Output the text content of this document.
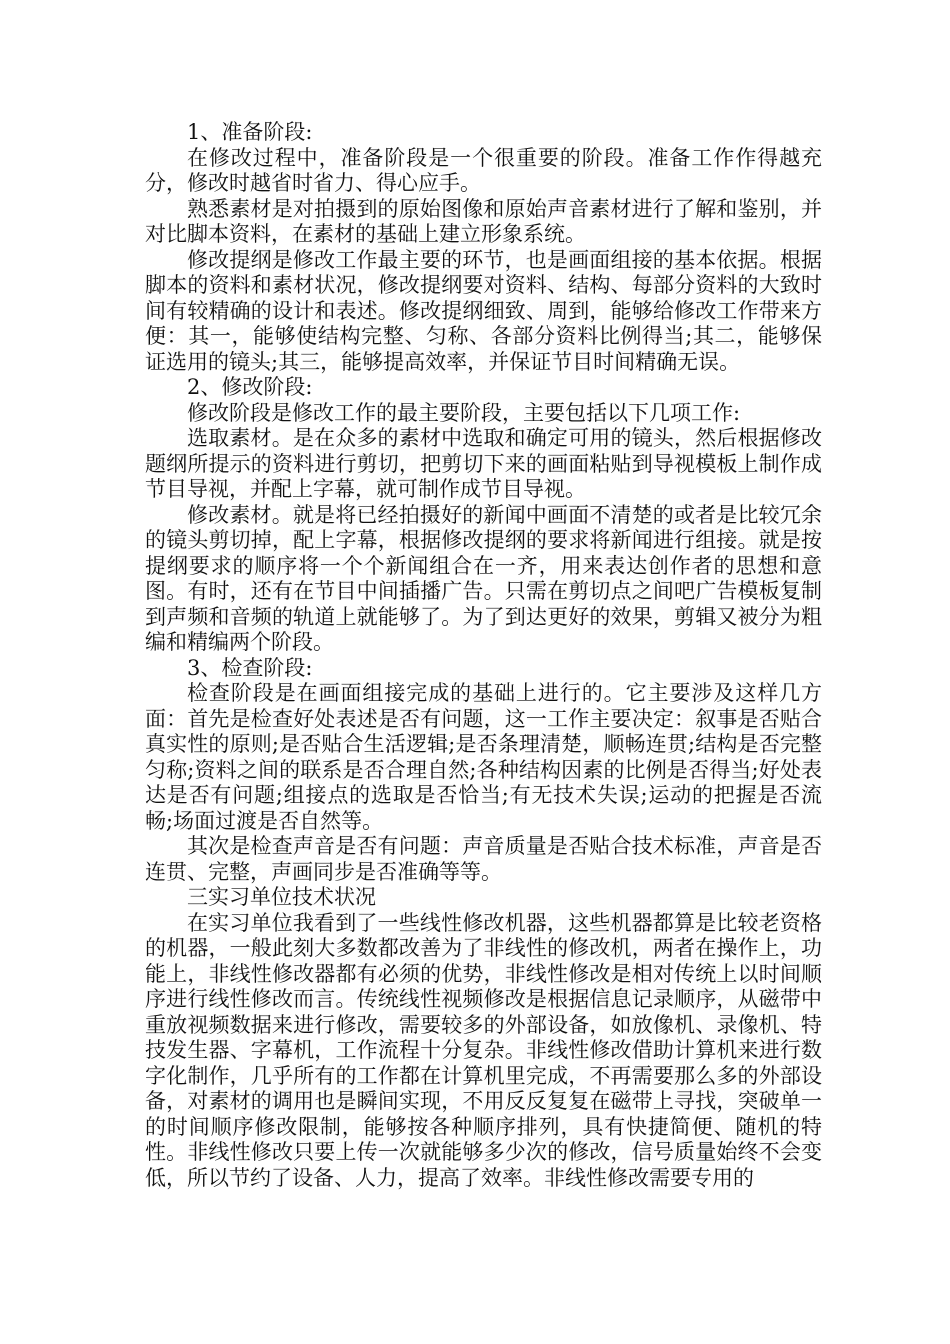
1、准备阶段:

在修改过程中，准备阶段是一个很重要的阶段。准备工作作得越充分，修改时越省时省力、得心应手。

熟悉素材是对拍摄到的原始图像和原始声音素材进行了解和鉴别，并对比脚本资料，在素材的基础上建立形象系统。

修改提纲是修改工作最主要的环节，也是画面组接的基本依据。根据脚本的资料和素材状况，修改提纲要对资料、结构、每部分资料的大致时间有较精确的设计和表述。修改提纲细致、周到，能够给修改工作带来方便：其一，能够使结构完整、匀称、各部分资料比例得当;其二，能够保证选用的镜头;其三，能够提高效率，并保证节目时间精确无误。

2、修改阶段:

修改阶段是修改工作的最主要阶段，主要包括以下几项工作:

选取素材。是在众多的素材中选取和确定可用的镜头，然后根据修改题纲所提示的资料进行剪切，把剪切下来的画面粘贴到导视模板上制作成节目导视，并配上字幕，就可制作成节目导视。

修改素材。就是将已经拍摄好的新闻中画面不清楚的或者是比较冗余的镜头剪切掉，配上字幕，根据修改提纲的要求将新闻进行组接。就是按提纲要求的顺序将一个个新闻组合在一齐，用来表达创作者的思想和意图。有时，还有在节目中间插播广告。只需在剪切点之间吧广告模板复制到声频和音频的轨道上就能够了。为了到达更好的效果，剪辑又被分为粗编和精编两个阶段。

3、检查阶段:

检查阶段是在画面组接完成的基础上进行的。它主要涉及这样几方面：首先是检查好处表述是否有问题，这一工作主要决定：叙事是否贴合真实性的原则;是否贴合生活逻辑;是否条理清楚，顺畅连贯;结构是否完整匀称;资料之间的联系是否合理自然;各种结构因素的比例是否得当;好处表达是否有问题;组接点的选取是否恰当;有无技术失误;运动的把握是否流畅;场面过渡是否自然等。

其次是检查声音是否有问题：声音质量是否贴合技术标准，声音是否连贯、完整，声画同步是否准确等等。

三实习单位技术状况

在实习单位我看到了一些线性修改机器，这些机器都算是比较老资格的机器，一般此刻大多数都改善为了非线性的修改机，两者在操作上，功能上，非线性修改器都有必须的优势，非线性修改是相对传统上以时间顺序进行线性修改而言。传统线性视频修改是根据信息记录顺序，从磁带中重放视频数据来进行修改，需要较多的外部设备，如放像机、录像机、特技发生器、字幕机，工作流程十分复杂。非线性修改借助计算机来进行数字化制作，几乎所有的工作都在计算机里完成，不再需要那么多的外部设备，对素材的调用也是瞬间实现，不用反反复复在磁带上寻找，突破单一的时间顺序修改限制，能够按各种顺序排列，具有快捷简便、随机的特性。非线性修改只要上传一次就能够多少次的修改，信号质量始终不会变低，所以节约了设备、人力，提高了效率。非线性修改需要专用的
